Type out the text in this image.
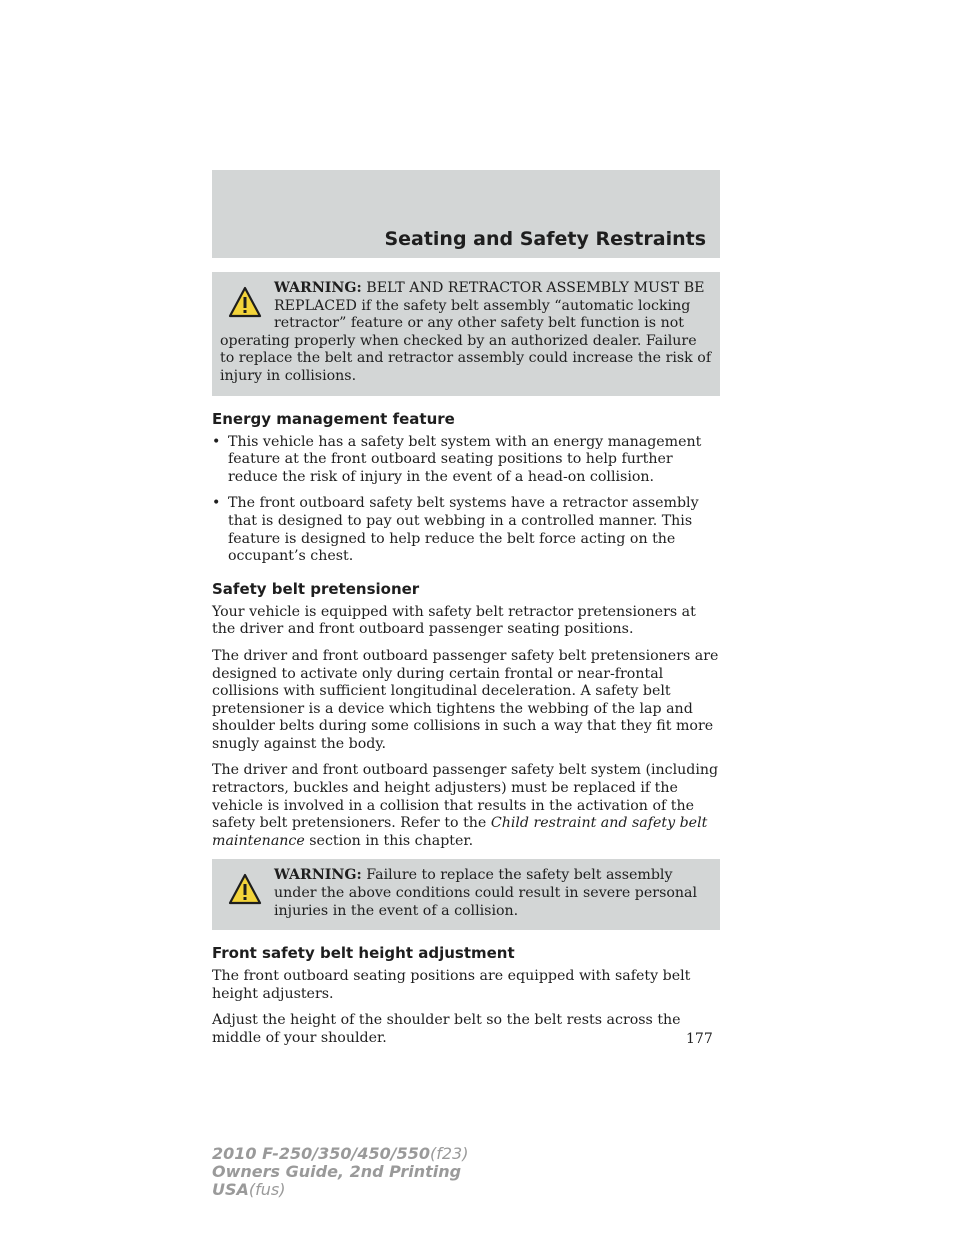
Seating and Safety Restraints
WARNING: BELT AND RETRACTOR ASSEMBLY MUST BE REPLACED if the safety belt assembly “automatic locking retractor” feature or any other safety belt function is not operating properly when checked by an authorized dealer. Failure to replace the belt and retractor assembly could increase the risk of injury in collisions.
Energy management feature
• This vehicle has a safety belt system with an energy management feature at the front outboard seating positions to help further reduce the risk of injury in the event of a head-on collision.
• The front outboard safety belt systems have a retractor assembly that is designed to pay out webbing in a controlled manner. This feature is designed to help reduce the belt force acting on the occupant’s chest.
Safety belt pretensioner

Your vehicle is equipped with safety belt retractor pretensioners at the driver and front outboard passenger seating positions.

The driver and front outboard passenger safety belt pretensioners are designed to activate only during certain frontal or near-frontal collisions with sufficient longitudinal deceleration. A safety belt pretensioner is a device which tightens the webbing of the lap and shoulder belts during some collisions in such a way that they fit more snugly against the body.

The driver and front outboard passenger safety belt system (including retractors, buckles and height adjusters) must be replaced if the vehicle is involved in a collision that results in the activation of the safety belt pretensioners. Refer to the Child restraint and safety belt maintenance section in this chapter.

WARNING: Failure to replace the safety belt assembly under the above conditions could result in severe personal injuries in the event of a collision.
Front safety belt height adjustment

The front outboard seating positions are equipped with safety belt height adjusters.

Adjust the height of the shoulder belt so the belt rests across the middle of your shoulder.	177
2010 F-250/350/450/550(f23)
Owners Guide, 2nd Printing
USA(fus)
